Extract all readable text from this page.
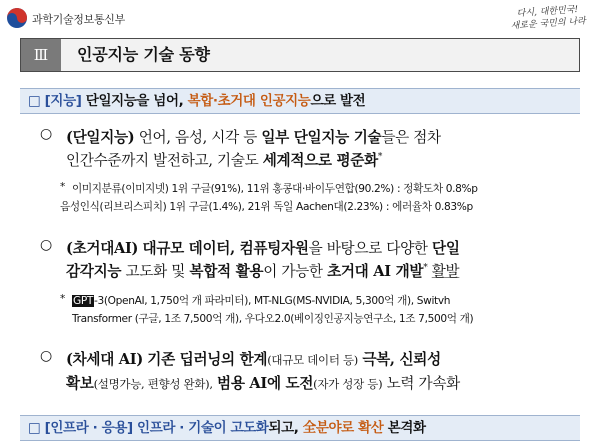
과학기술정보통신부
다시, 대한민국!
새로운 국민의 나라
Ⅲ	인공지능 기술 동향
□ [지능] 단일지능을 넘어, 복합·초거대 인공지능으로 발전
○ (단일지능) 언어, 음성, 시각 등 일부 단일지능 기술들은 점차
인간수준까지 발전하고, 기술도 세계적으로 평준화*
* 이미지분류(이미지넷) 1위 구글(91%), 11위 홍콩대·바이두연합(90.2%) : 정확도차 0.8%p
음성인식(리브리스피치) 1위 구글(1.4%), 21위 독일 Aachen대(2.23%) : 에러율차 0.83%p
○ (초거대AI) 대규모 데이터, 컴퓨팅자원을 바탕으로 다양한 단일
감각지능 고도화 및 복합적 활용이 가능한 초거대 AI 개발* 활발
* GPT-3(OpenAI, 1,750억 개 파라미터), MT-NLG(MS-NVIDIA, 5,300억 개), Switvh
Transformer (구글, 1조 7,500억 개), 우다오2.0(베이징인공지능연구소, 1조 7,500억 개)
○ (차세대 AI) 기존 딥러닝의 한계(대규모 데이터 등) 극복, 신뢰성
확보(설명가능, 편향성 완화), 범용 AI에 도전(자가 성장 등) 노력 가속화
□ [인프라 · 응용] 인프라 · 기술이 고도화되고, 全분야로 확산 본격화
